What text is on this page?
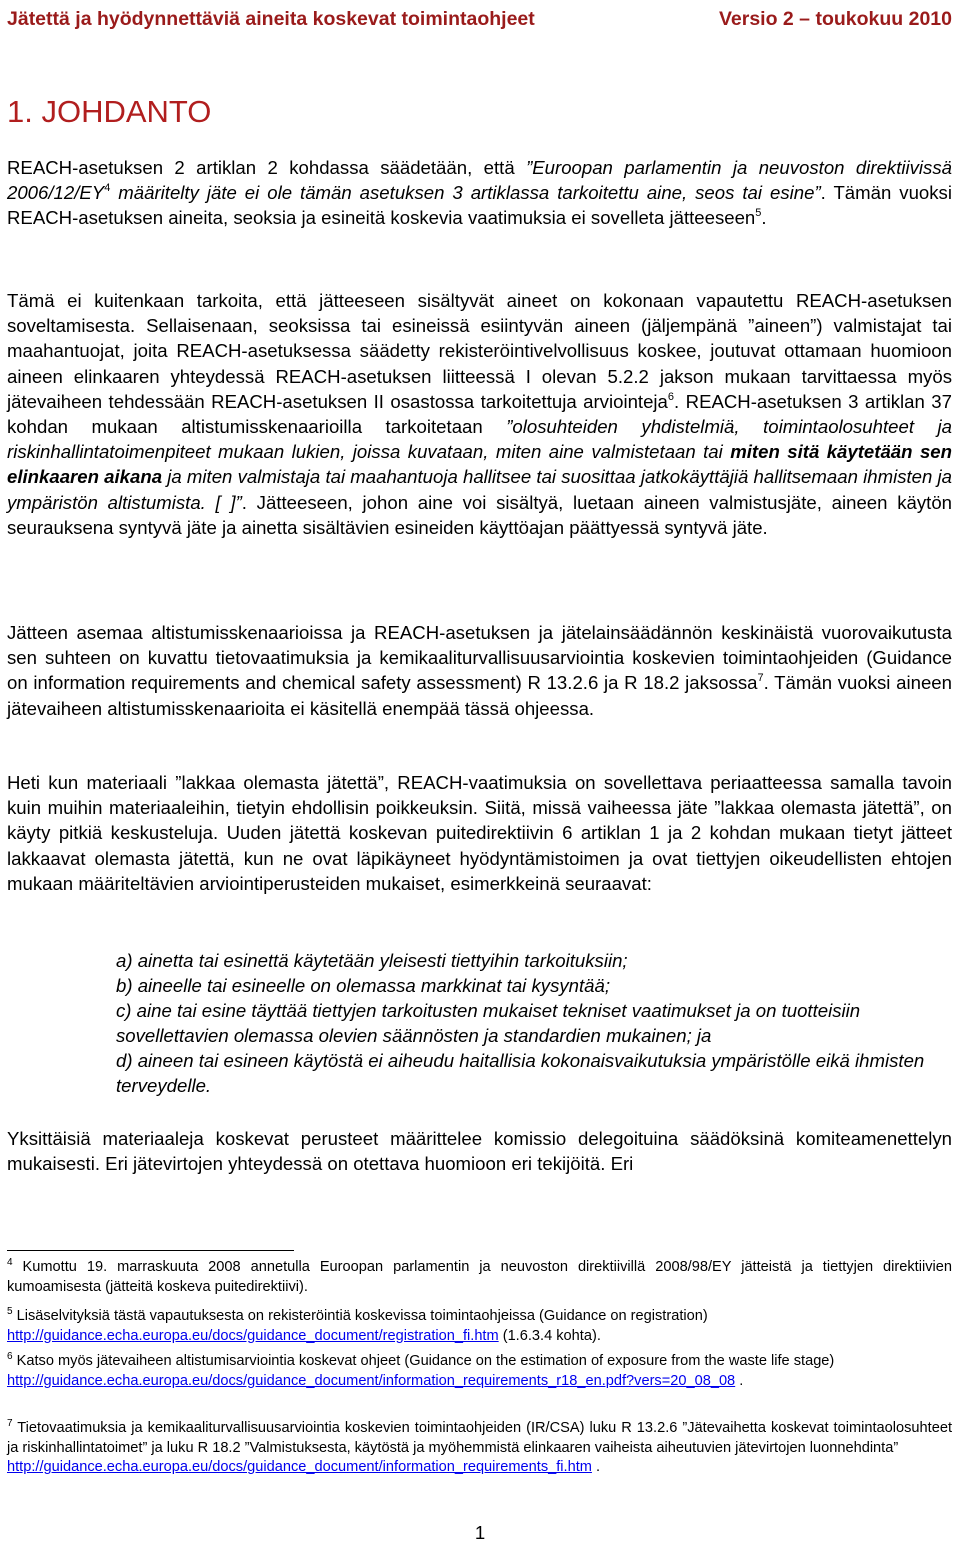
Jätettä ja hyödynnettäviä aineita koskevat toimintaohjeet	Versio 2 – toukokuu 2010
1. JOHDANTO
REACH-asetuksen 2 artiklan 2 kohdassa säädetään, että ”Euroopan parlamentin ja neuvoston direktiivissä $2006/12/EY^4$ määritelty jäte ei ole tämän asetuksen 3 artiklassa tarkoitettu aine, seos tai esine”. Tämän vuoksi REACH-asetuksen aineita, seoksia ja esineitä koskevia vaatimuksia ei sovelleta jätteeseen$^5$.
Tämä ei kuitenkaan tarkoita, että jätteeseen sisältyvät aineet on kokonaan vapautettu REACH-asetuksen soveltamisesta. Sellaisenaan, seoksissa tai esineissä esiintyvän aineen (jäljempänä ”aineen”) valmistajat tai maahantuojat, joita REACH-asetuksessa säädetty rekisteröintivelvollisuus koskee, joutuvat ottamaan huomioon aineen elinkaaren yhteydessä REACH-asetuksen liitteessä I olevan 5.2.2 jakson mukaan tarvittaessa myös jätevaiheen tehdessään REACH-asetuksen II osastossa tarkoitettuja arviointeja$^6$. REACH-asetuksen 3 artiklan 37 kohdan mukaan altistumisskenaarioilla tarkoitetaan ”olosuhteiden yhdistelmiä, toimintaolosuhteet ja riskinhallintatoimenpiteet mukaan lukien, joissa kuvataan, miten aine valmistetaan tai miten sitä käytetään sen elinkaaren aikana ja miten valmistaja tai maahantuoja hallitsee tai suosittaa jatkokäyttäjiä hallitsemaan ihmisten ja ympäristön altistumista. [ ]”. Jätteeseen, johon aine voi sisältyä, luetaan aineen valmistusjäte, aineen käytön seurauksena syntyvä jäte ja ainetta sisältävien esineiden käyttöajan päättyessä syntyvä jäte.
Jätteen asemaa altistumisskenaarioissa ja REACH-asetuksen ja jätelainsäädännön keskinäistä vuorovaikutusta sen suhteen on kuvattu tietovaatimuksia ja kemikaaliturvallisuusarviointia koskevien toimintaohjeiden (Guidance on information requirements and chemical safety assessment) R 13.2.6 ja R 18.2 jaksossa$^7$. Tämän vuoksi aineen jätevaiheen altistumisskenaarioita ei käsitellä enempää tässä ohjeessa.
Heti kun materiaali ”lakkaa olemasta jätettä”, REACH-vaatimuksia on sovellettava periaatteessa samalla tavoin kuin muihin materiaaleihin, tietyin ehdollisin poikkeuksin. Siitä, missä vaiheessa jäte ”lakkaa olemasta jätettä”, on käyty pitkiä keskusteluja. Uuden jätettä koskevan puitedirektiivin 6 artiklan 1 ja 2 kohdan mukaan tietyt jätteet lakkaavat olemasta jätettä, kun ne ovat läpikäyneet hyödyntämistoimen ja ovat tiettyjen oikeudellisten ehtojen mukaan määriteltävien arviointiperusteiden mukaiset, esimerkkeinä seuraavat:
a) ainetta tai esinettä käytetään yleisesti tiettyihin tarkoituksiin;
b) aineelle tai esineelle on olemassa markkinat tai kysyntää;
c) aine tai esine täyttää tiettyjen tarkoitusten mukaiset tekniset vaatimukset ja on tuotteisiin sovellettavien olemassa olevien säännösten ja standardien mukainen; ja
d) aineen tai esineen käytöstä ei aiheudu haitallisia kokonaisvaikutuksia ympäristölle eikä ihmisten terveydelle.
Yksittäisiä materiaaleja koskevat perusteet määrittelee komissio delegoituina säädöksinä komiteamenettelyn mukaisesti. Eri jätevirtojen yhteydessä on otettava huomioon eri tekijöitä. Eri
$^4$ Kumottu 19. marraskuuta 2008 annetulla Euroopan parlamentin ja neuvoston direktiivillä 2008/98/EY jätteistä ja tiettyjen direktiivien kumoamisesta (jätteitä koskeva puitedirektiivi).
$^5$ Lisäselvityksiä tästä vapautuksesta on rekisteröintiä koskevissa toimintaohjeissa (Guidance on registration)
http://guidance.echa.europa.eu/docs/guidance_document/registration_fi.htm (1.6.3.4 kohta).
$^6$ Katso myös jätevaiheen altistumisarviointia koskevat ohjeet (Guidance on the estimation of exposure from the waste life stage)
http://guidance.echa.europa.eu/docs/guidance_document/information_requirements_r18_en.pdf?vers=20_08_08 .
$^7$ Tietovaatimuksia ja kemikaaliturvallisuusarviointia koskevien toimintaohjeiden (IR/CSA) luku R 13.2.6 ”Jätevaihetta koskevat toimintaolosuhteet ja riskinhallintatoimet” ja luku R 18.2 ”Valmistuksesta, käytöstä ja myöhemmistä elinkaaren vaiheista aiheutuvien jätevirtojen luonnehdinta”
http://guidance.echa.europa.eu/docs/guidance_document/information_requirements_fi.htm .
1
